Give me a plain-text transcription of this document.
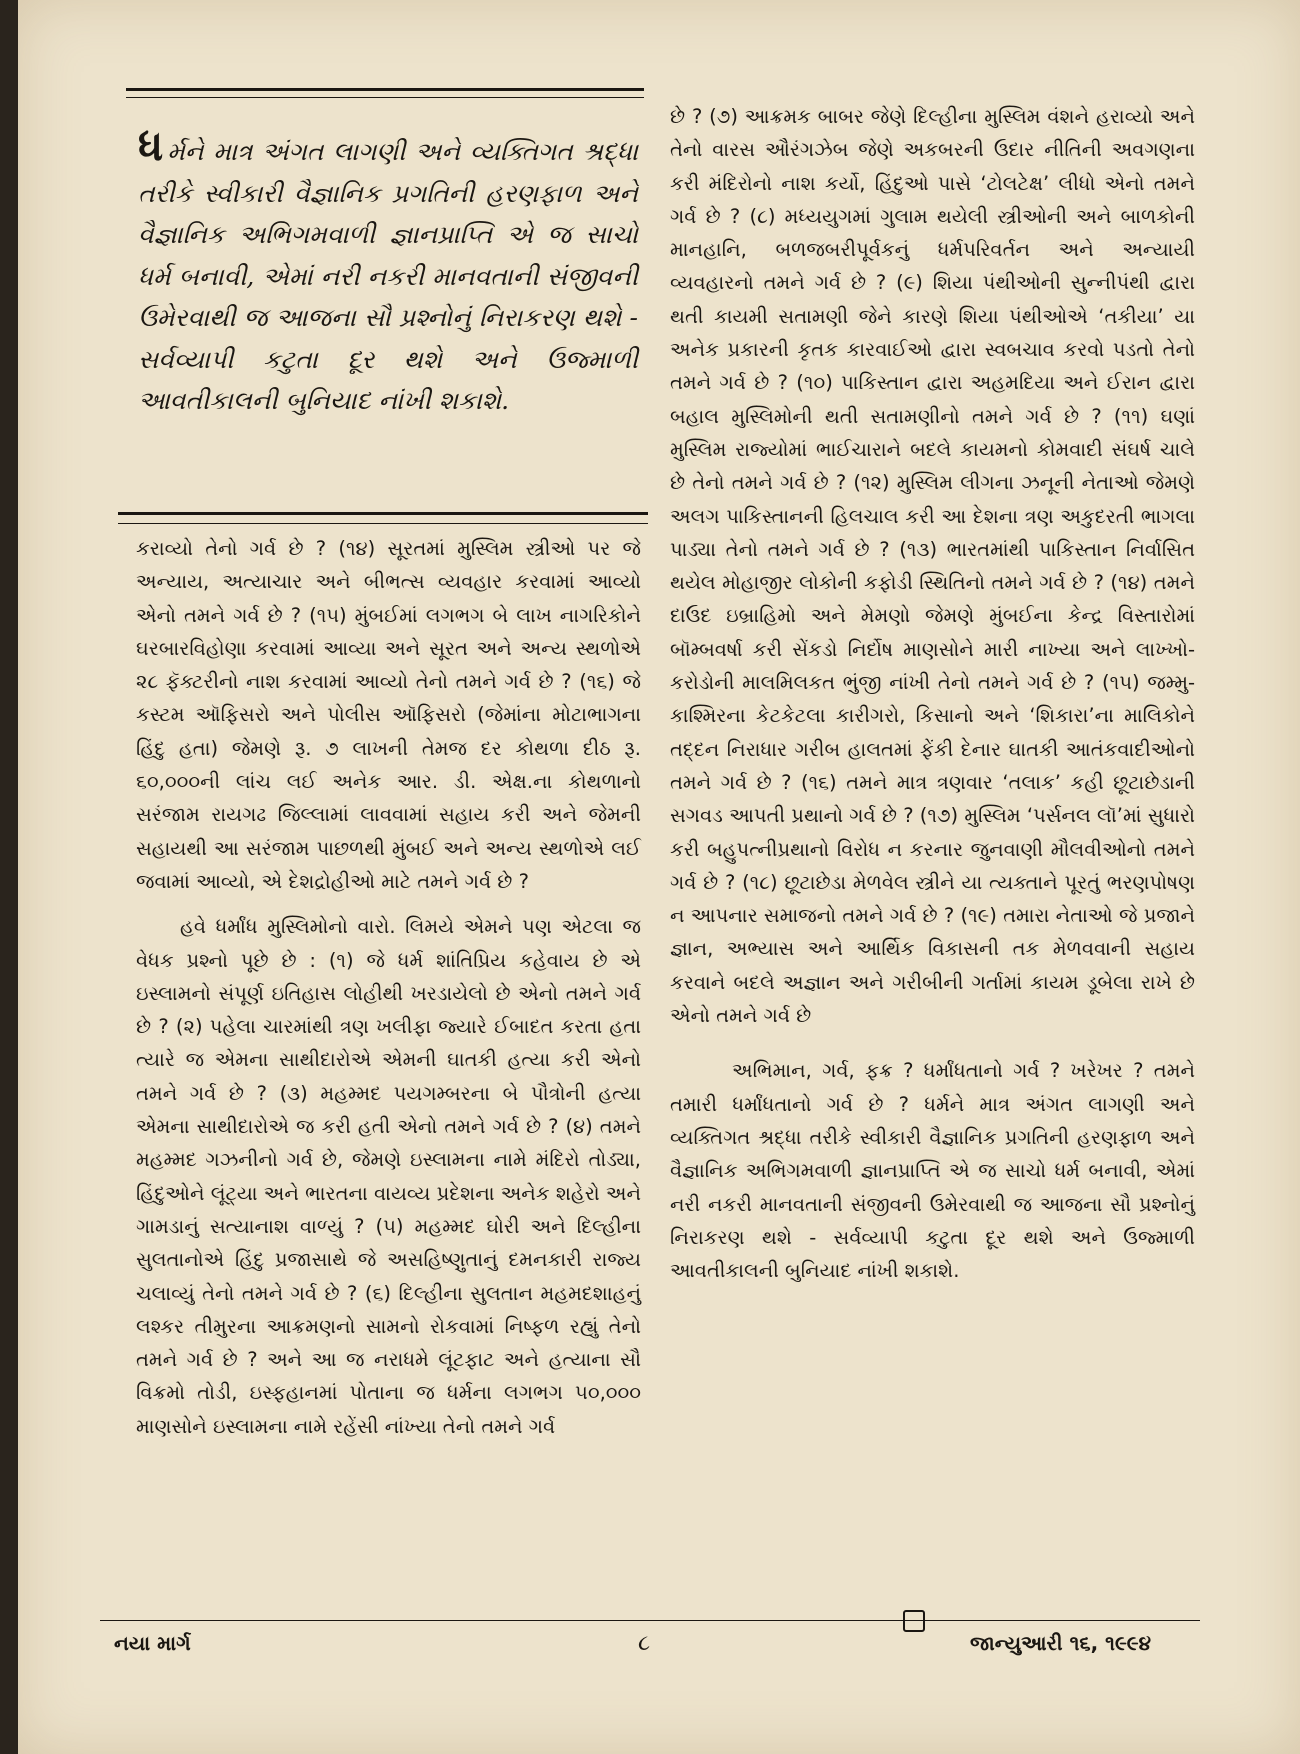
ધર્મને માત્ર અંગત લાગણી અને વ્યક્તિગત શ્રદ્ધા તરીકે સ્વીકારી વૈજ્ઞાનિક પ્રગતિની હરણફાળ અને વૈજ્ઞાનિક અભિગમવાળી જ્ઞાનપ્રાપ્તિ એ જ સાચો ધર્મ બનાવી, એમાં નરી નકરી માનવતાની સંજીવની ઉમેરવાથી જ આજના સૌ પ્રશ્નોનું નિરાકરણ થશે - સર્વવ્યાપી કટુતા દૂર થશે અને ઉજ્માળી આવતીકાલની બુનિયાદ નાંખી શકાશે.

કરાવ્યો તેનો ગર્વ છે ? (૧૪) સૂરતમાં મુસ્લિમ સ્ત્રીઓ પર જે અન્યાય, અત્યાચાર અને બીભત્સ વ્યવહાર કરવામાં આવ્યો એનો તમને ગર્વ છે ? (૧૫) મુંબઈમાં લગભગ બે લાખ નાગરિકોને ઘરબારવિહોણા કરવામાં આવ્યા અને સૂરત અને અન્ય સ્થળોએ ૨૮ ફૅક્ટરીનો નાશ કરવામાં આવ્યો તેનો તમને ગર્વ છે ? (૧૬) જે કસ્ટમ ઑફિસરો અને પોલીસ ઑફિસરો (જેમાંના મોટાભાગના હિંદુ હતા) જેમણે રૂ. ૭ લાખની તેમજ દર કોથળા દીઠ રૂ. ૬૦,૦૦૦ની લાંચ લઈ અનેક આર. ડી. એક્ષ.ના કોથળાનો સરંજામ રાયગઢ જિલ્લામાં લાવવામાં સહાય કરી અને જેમની સહાયથી આ સરંજામ પાછળથી મુંબઈ અને અન્ય સ્થળોએ લઈ જવામાં આવ્યો, એ દેશદ્રોહીઓ માટે તમને ગર્વ છે ?

હવે ધર્માંધ મુસ્લિમોનો વારો. લિમયે એમને પણ એટલા જ વેધક પ્રશ્નો પૂછે છે : (૧) જે ધર્મ શાંતિપ્રિય કહેવાય છે એ ઇસ્લામનો સંપૂર્ણ ઇતિહાસ લોહીથી ખરડાયેલો છે એનો તમને ગર્વ છે ? (૨) પહેલા ચારમાંથી ત્રણ ખલીફા જ્યારે ઈબાદત કરતા હતા ત્યારે જ એમના સાથીદારોએ એમની ઘાતકી હત્યા કરી એનો તમને ગર્વ છે ? (૩) મહમ્મદ પયગમ્બરના બે પૌત્રોની હત્યા એમના સાથીદારોએ જ કરી હતી એનો તમને ગર્વ છે ? (૪) તમને મહમ્મદ ગઝનીનો ગર્વ છે, જેમણે ઇસ્લામના નામે મંદિરો તોડ્યા, હિંદુઓને લૂંટ્યા અને ભારતના વાયવ્ય પ્રદેશના અનેક શહેરો અને ગામડાનું સત્યાનાશ વાળ્યું ? (૫) મહમ્મદ ઘોરી અને દિલ્હીના સુલતાનોએ હિંદુ પ્રજાસાથે જે અસહિષ્ણુતાનું દમનકારી રાજ્ય ચલાવ્યું તેનો તમને ગર્વ છે ? (૬) દિલ્હીના સુલતાન મહમદશાહનું લશ્કર તીમુરના આક્રમણનો સામનો રોકવામાં નિષ્ફળ રહ્યું તેનો તમને ગર્વ છે ? અને આ જ નરાધમે લૂંટફાટ અને હત્યાના સૌ વિક્રમો તોડી, ઇસ્ફહાનમાં પોતાના જ ધર્મના લગભગ ૫૦,૦૦૦ માણસોને ઇસ્લામના નામે રહેંસી નાંખ્યા તેનો તમને ગર્વ

છે ? (૭) આક્રમક બાબર જેણે દિલ્હીના મુસ્લિમ વંશને હરાવ્યો અને તેનો વારસ ઔરંગઝેબ જેણે અકબરની ઉદાર નીતિની અવગણના કરી મંદિરોનો નાશ કર્યો, હિંદુઓ પાસે ‘ટોલટેક્ષ’ લીધો એનો તમને ગર્વ છે ? (૮) મધ્યયુગમાં ગુલામ થયેલી સ્ત્રીઓની અને બાળકોની માનહાનિ, બળજબરીપૂર્વકનું ધર્મપરિવર્તન અને અન્યાયી વ્યવહારનો તમને ગર્વ છે ? (૯) શિયા પંથીઓની સુન્નીપંથી દ્વારા થતી કાયમી સતામણી જેને કારણે શિયા પંથીઓએ ‘તકીયા’ યા અનેક પ્રકારની કૃતક કારવાઈઓ દ્વારા સ્વબચાવ કરવો પડતો તેનો તમને ગર્વ છે ? (૧૦) પાકિસ્તાન દ્વારા અહમદિયા અને ઈરાન દ્વારા બહાલ મુસ્લિમોની થતી સતામણીનો તમને ગર્વ છે ? (૧૧) ઘણાં મુસ્લિમ રાજ્યોમાં ભાઈચારાને બદલે કાયમનો કોમવાદી સંઘર્ષ ચાલે છે તેનો તમને ગર્વ છે ? (૧૨) મુસ્લિમ લીગના ઝનૂની નેતાઓ જેમણે અલગ પાકિસ્તાનની હિલચાલ કરી આ દેશના ત્રણ અકુદરતી ભાગલા પાડ્યા તેનો તમને ગર્વ છે ? (૧૩) ભારતમાંથી પાકિસ્તાન નિર્વાસિત થયેલ મોહાજીર લોકોની કફોડી સ્થિતિનો તમને ગર્વ છે ? (૧૪) તમને દાઉદ ઇબ્રાહિમો અને મેમણો જેમણે મુંબઈના કેન્દ્ર વિસ્તારોમાં બૉમ્બવર્ષા કરી સેંકડો નિર્દોષ માણસોને મારી નાખ્યા અને લાખ્ખો-કરોડોની માલમિલકત ભુંજી નાંખી તેનો તમને ગર્વ છે ? (૧૫) જમ્મુ-કાશ્મિરના કેટકેટલા કારીગરો, કિસાનો અને ‘શિકારા’ના માલિકોને તદ્દન નિરાધાર ગરીબ હાલતમાં ફેંકી દેનાર ઘાતકી આતંકવાદીઓનો તમને ગર્વ છે ? (૧૬) તમને માત્ર ત્રણવાર ‘તલાક’ કહી છૂટાછેડાની સગવડ આપતી પ્રથાનો ગર્વ છે ? (૧૭) મુસ્લિમ ‘પર્સનલ લૉ’માં સુધારો કરી બહુપત્નીપ્રથાનો વિરોધ ન કરનાર જુનવાણી મૌલવીઓનો તમને ગર્વ છે ? (૧૮) છૂટાછેડા મેળવેલ સ્ત્રીને યા ત્યક્તાને પૂરતું ભરણપોષણ ન આપનાર સમાજનો તમને ગર્વ છે ? (૧૯) તમારા નેતાઓ જે પ્રજાને જ્ઞાન, અભ્યાસ અને આર્થિક વિકાસની તક મેળવવાની સહાય કરવાને બદલે અજ્ઞાન અને ગરીબીની ગર્તામાં કાયમ ડૂબેલા રાખે છે એનો તમને ગર્વ છે

અભિમાન, ગર્વ, ફક્ર ? ધર્માંધતાનો ગર્વ ? ખરેખર ? તમને તમારી ધર્માંધતાનો ગર્વ છે ? ધર્મને માત્ર અંગત લાગણી અને વ્યક્તિગત શ્રદ્ધા તરીકે સ્વીકારી વૈજ્ઞાનિક પ્રગતિની હરણફાળ અને વૈજ્ઞાનિક અભિગમવાળી જ્ઞાનપ્રાપ્તિ એ જ સાચો ધર્મ બનાવી, એમાં નરી નકરી માનવતાની સંજીવની ઉમેરવાથી જ આજના સૌ પ્રશ્નોનું નિરાકરણ થશે - સર્વવ્યાપી કટુતા દૂર થશે અને ઉજ્માળી આવતીકાલની બુનિયાદ નાંખી શકાશે.

નયા માર્ગ	૮	જાન્યુઆરી ૧૬, ૧૯૯૪
